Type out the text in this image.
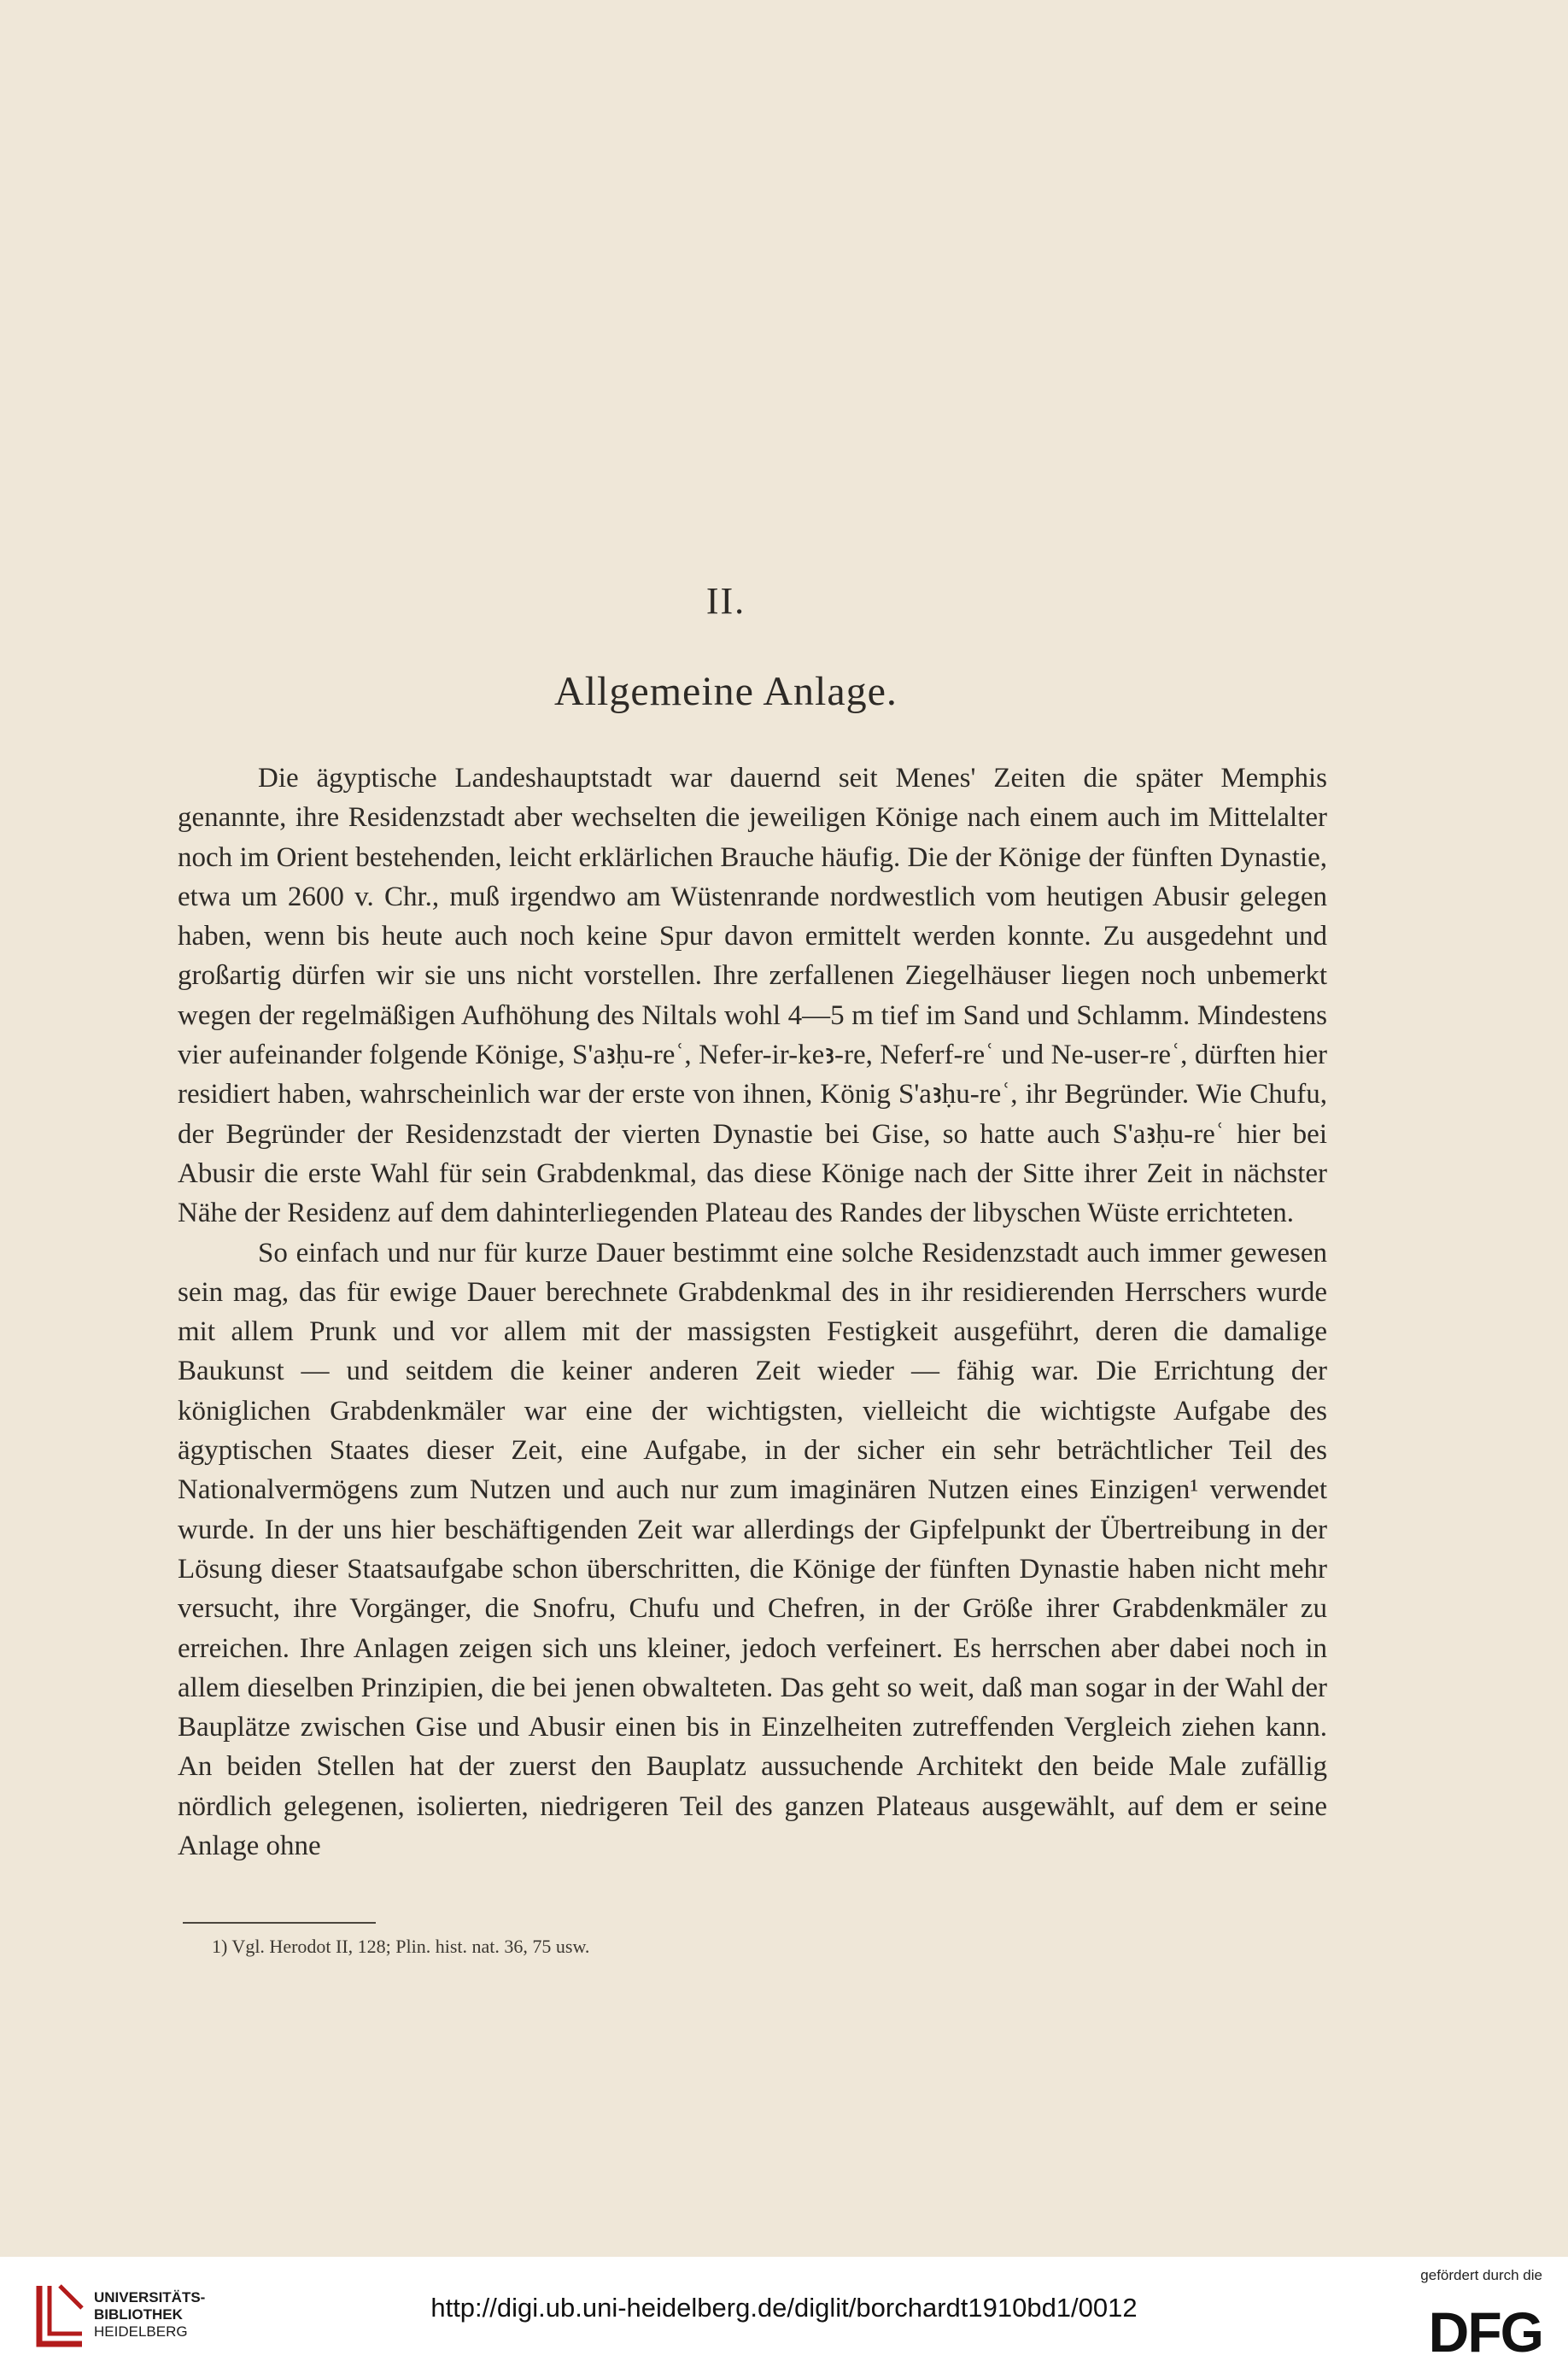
II.
Allgemeine Anlage.

Die ägyptische Landeshauptstadt war dauernd seit Menes' Zeiten die später Memphis genannte, ihre Residenzstadt aber wechselten die jeweiligen Könige nach einem auch im Mittelalter noch im Orient bestehenden, leicht erklärlichen Brauche häufig. Die der Könige der fünften Dynastie, etwa um 2600 v. Chr., muß irgendwo am Wüstenrande nordwestlich vom heutigen Abusir gelegen haben, wenn bis heute auch noch keine Spur davon ermittelt werden konnte. Zu ausgedehnt und großartig dürfen wir sie uns nicht vorstellen. Ihre zerfallenen Ziegelhäuser liegen noch unbemerkt wegen der regelmäßigen Aufhöhung des Niltals wohl 4—5 m tief im Sand und Schlamm. Mindestens vier aufeinander folgende Könige, S'aꜣḥu-reʿ, Nefer-ir-keꜣ-re, Neferf-reʿ und Ne-user-reʿ, dürften hier residiert haben, wahrscheinlich war der erste von ihnen, König S'aꜣḥu-reʿ, ihr Begründer. Wie Chufu, der Begründer der Residenzstadt der vierten Dynastie bei Gise, so hatte auch S'aꜣḥu-reʿ hier bei Abusir die erste Wahl für sein Grabdenkmal, das diese Könige nach der Sitte ihrer Zeit in nächster Nähe der Residenz auf dem dahinterliegenden Plateau des Randes der libyschen Wüste errichteten.

So einfach und nur für kurze Dauer bestimmt eine solche Residenzstadt auch immer gewesen sein mag, das für ewige Dauer berechnete Grabdenkmal des in ihr residierenden Herrschers wurde mit allem Prunk und vor allem mit der massigsten Festigkeit ausgeführt, deren die damalige Baukunst — und seitdem die keiner anderen Zeit wieder — fähig war. Die Errichtung der königlichen Grabdenkmäler war eine der wichtigsten, vielleicht die wichtigste Aufgabe des ägyptischen Staates dieser Zeit, eine Aufgabe, in der sicher ein sehr beträchtlicher Teil des Nationalvermögens zum Nutzen und auch nur zum imaginären Nutzen eines Einzigen¹ verwendet wurde. In der uns hier beschäftigenden Zeit war allerdings der Gipfelpunkt der Übertreibung in der Lösung dieser Staatsaufgabe schon überschritten, die Könige der fünften Dynastie haben nicht mehr versucht, ihre Vorgänger, die Snofru, Chufu und Chefren, in der Größe ihrer Grabdenkmäler zu erreichen. Ihre Anlagen zeigen sich uns kleiner, jedoch verfeinert. Es herrschen aber dabei noch in allem dieselben Prinzipien, die bei jenen obwalteten. Das geht so weit, daß man sogar in der Wahl der Bauplätze zwischen Gise und Abusir einen bis in Einzelheiten zutreffenden Vergleich ziehen kann. An beiden Stellen hat der zuerst den Bauplatz aussuchende Architekt den beide Male zufällig nördlich gelegenen, isolierten, niedrigeren Teil des ganzen Plateaus ausgewählt, auf dem er seine Anlage ohne

1) Vgl. Herodot II, 128; Plin. hist. nat. 36, 75 usw.
UNIVERSITÄTS-
BIBLIOTHEK
HEIDELBERG
http://digi.ub.uni-heidelberg.de/diglit/borchardt1910bd1/0012
gefördert durch die
DFG
